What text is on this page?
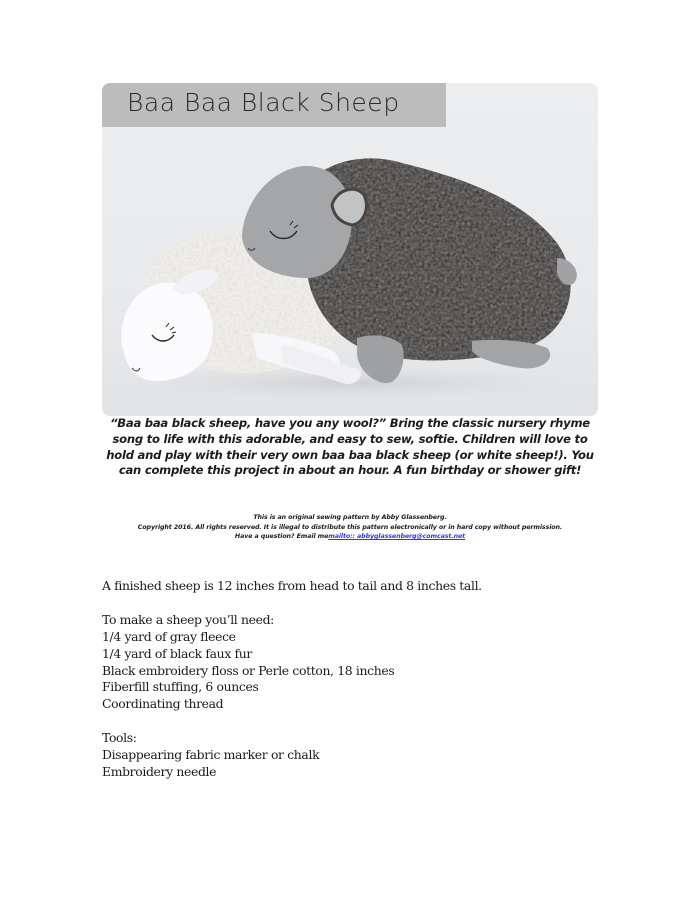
Baa Baa Black Sheep

“Baa baa black sheep, have you any wool?” Bring the classic nursery rhyme song to life with this adorable, and easy to sew, softie. Children will love to hold and play with their very own baa baa black sheep (or white sheep!). You can complete this project in about an hour. A fun birthday or shower gift!

This is an original sewing pattern by Abby Glassenberg.
Copyright 2016. All rights reserved. It is illegal to distribute this pattern electronically or in hard copy without permission.
Have a question? Email memailto:: abbyglassenberg@comcast.net
A finished sheep is 12 inches from head to tail and 8 inches tall.
To make a sheep you’ll need:
1/4 yard of gray fleece
1/4 yard of black faux fur
Black embroidery floss or Perle cotton, 18 inches
Fiberfill stuffing, 6 ounces
Coordinating thread
Tools:
Disappearing fabric marker or chalk
Embroidery needle
